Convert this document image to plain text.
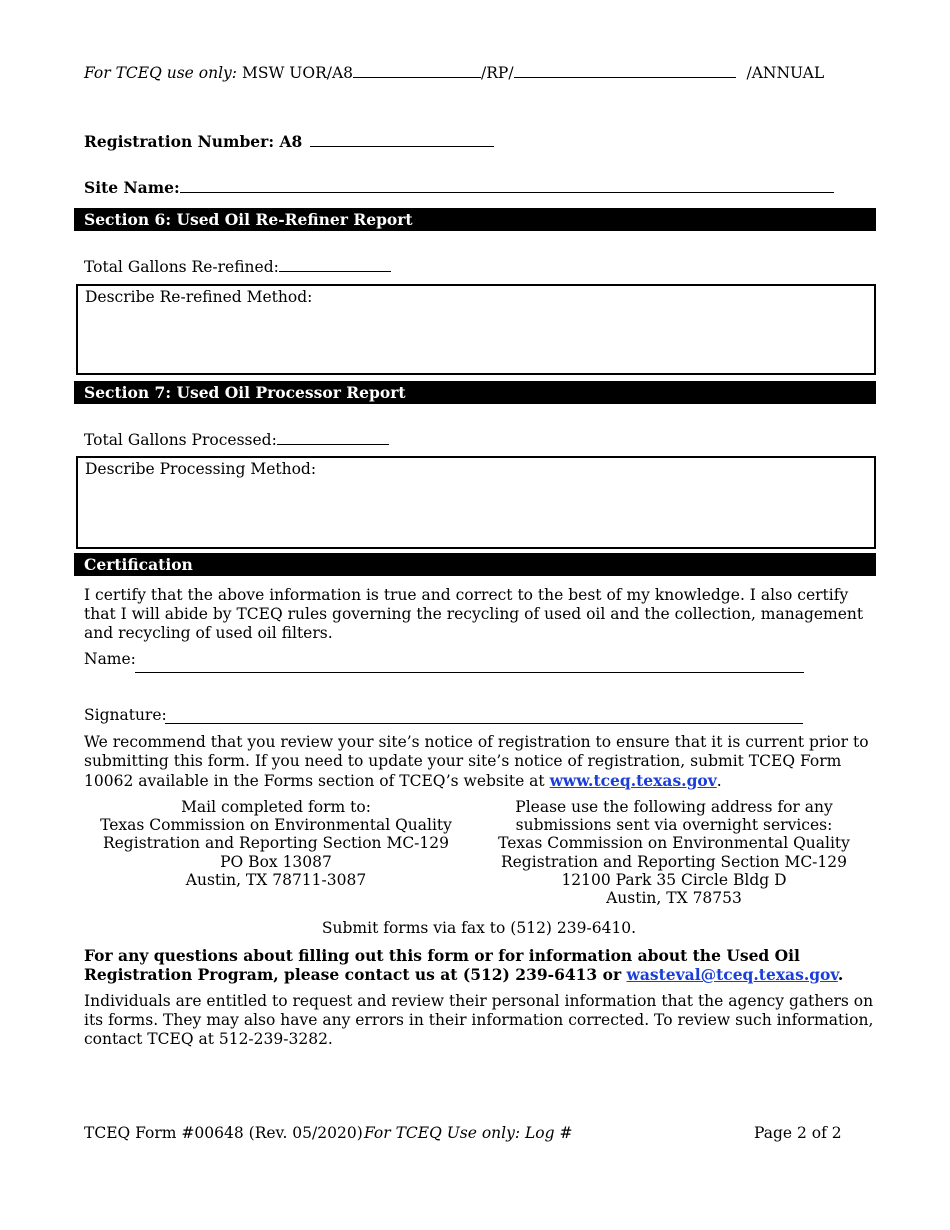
For TCEQ use only: MSW UOR/A8	/RP/	/ANNUAL
Registration Number: A8
Site Name:
Section 6: Used Oil Re-Refiner Report
Total Gallons Re-refined:
Describe Re-refined Method:
Section 7: Used Oil Processor Report
Total Gallons Processed:
Describe Processing Method:
Certification
I certify that the above information is true and correct to the best of my knowledge. I also certify that I will abide by TCEQ rules governing the recycling of used oil and the collection, management and recycling of used oil filters.
Name:
Signature:
We recommend that you review your site’s notice of registration to ensure that it is current prior to submitting this form. If you need to update your site’s notice of registration, submit TCEQ Form 10062 available in the Forms section of TCEQ’s website at www.tceq.texas.gov.
Mail completed form to:
Texas Commission on Environmental Quality
Registration and Reporting Section MC-129
PO Box 13087
Austin, TX 78711-3087
Please use the following address for any
submissions sent via overnight services:
Texas Commission on Environmental Quality
Registration and Reporting Section MC-129
12100 Park 35 Circle Bldg D
Austin, TX 78753
Submit forms via fax to (512) 239-6410.
For any questions about filling out this form or for information about the Used Oil Registration Program, please contact us at (512) 239-6413 or wasteval@tceq.texas.gov.
Individuals are entitled to request and review their personal information that the agency gathers on its forms. They may also have any errors in their information corrected. To review such information, contact TCEQ at 512-239-3282.
TCEQ Form #00648 (Rev. 05/2020) For TCEQ Use only: Log #	Page 2 of 2
